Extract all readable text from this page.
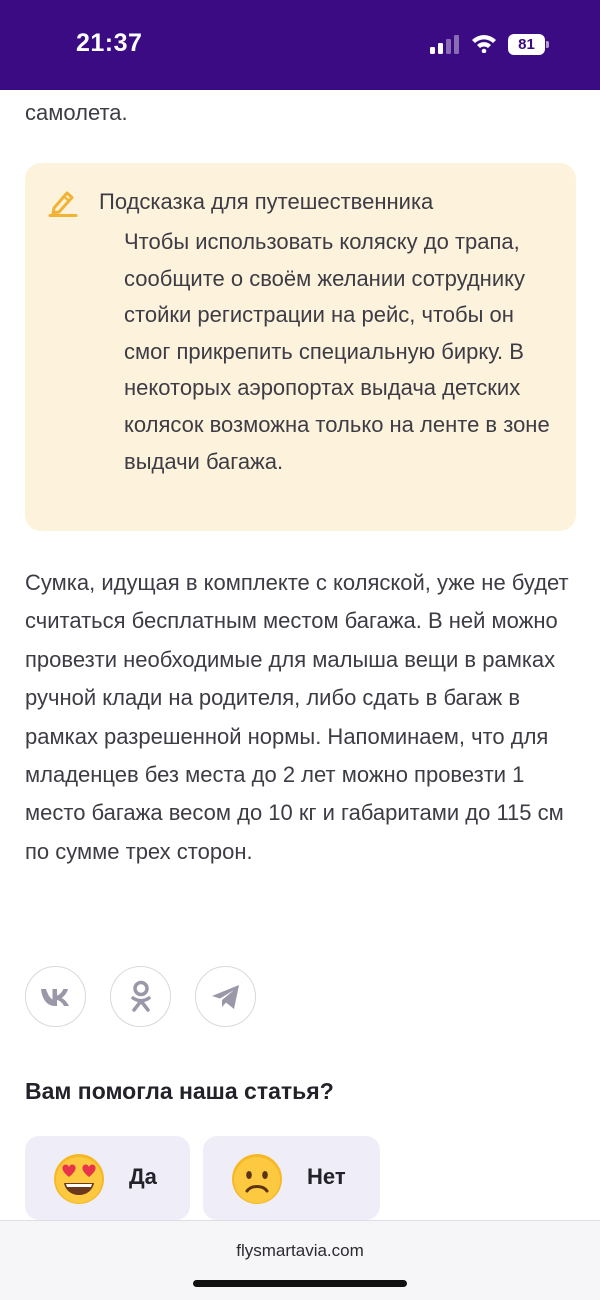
21:37	81
самолета.
Подсказка для путешественника
Чтобы использовать коляску до трапа, сообщите о своём желании сотруднику стойки регистрации на рейс, чтобы он смог прикрепить специальную бирку. В некоторых аэропортах выдача детских колясок возможна только на ленте в зоне выдачи багажа.
Сумка, идущая в комплекте с коляской, уже не будет считаться бесплатным местом багажа. В ней можно провезти необходимые для малыша вещи в рамках ручной клади на родителя, либо сдать в багаж в рамках разрешенной нормы. Напоминаем, что для младенцев без места до 2 лет можно провезти 1 место багажа весом до 10 кг и габаритами до 115 см по сумме трех сторон.
Вам помогла наша статья?
Да	Нет
flysmartavia.com
